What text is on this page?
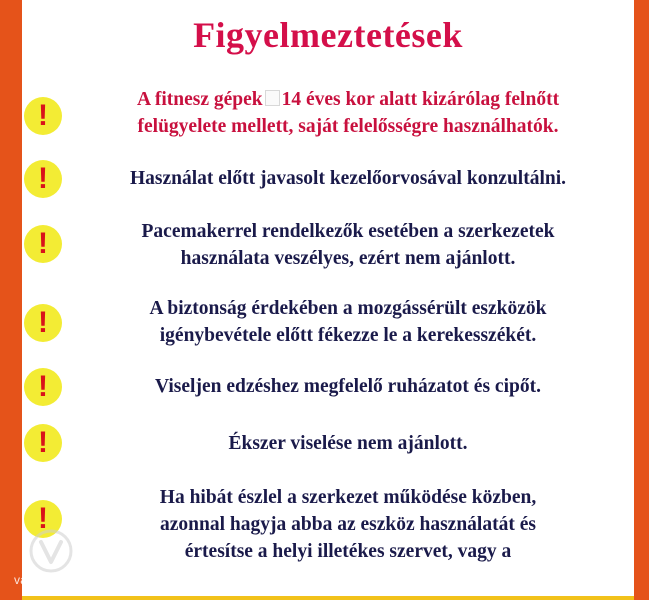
Figyelmeztetések
!	A fitnesz gépek 14 éves kor alatt kizárólag felnőtt
felügyelete mellett, saját felelősségre használhatók.
!	Használat előtt javasolt kezelőorvosával konzultálni.
!	Pacemakerrel rendelkezők esetében a szerkezetek
használata veszélyes, ezért nem ajánlott.
!	A biztonság érdekében a mozgássérült eszközök
igénybevétele előtt fékezze le a kerekesszékét.
!	Viseljen edzéshez megfelelő ruházatot és cipőt.
!	Ékszer viselése nem ajánlott.
!
Ha hibát észlel a szerkezet működése közben,
azonnal hagyja abba az eszköz használatát és
értesítse a helyi illetékes szervet, vagy a
vaskarika.hu
